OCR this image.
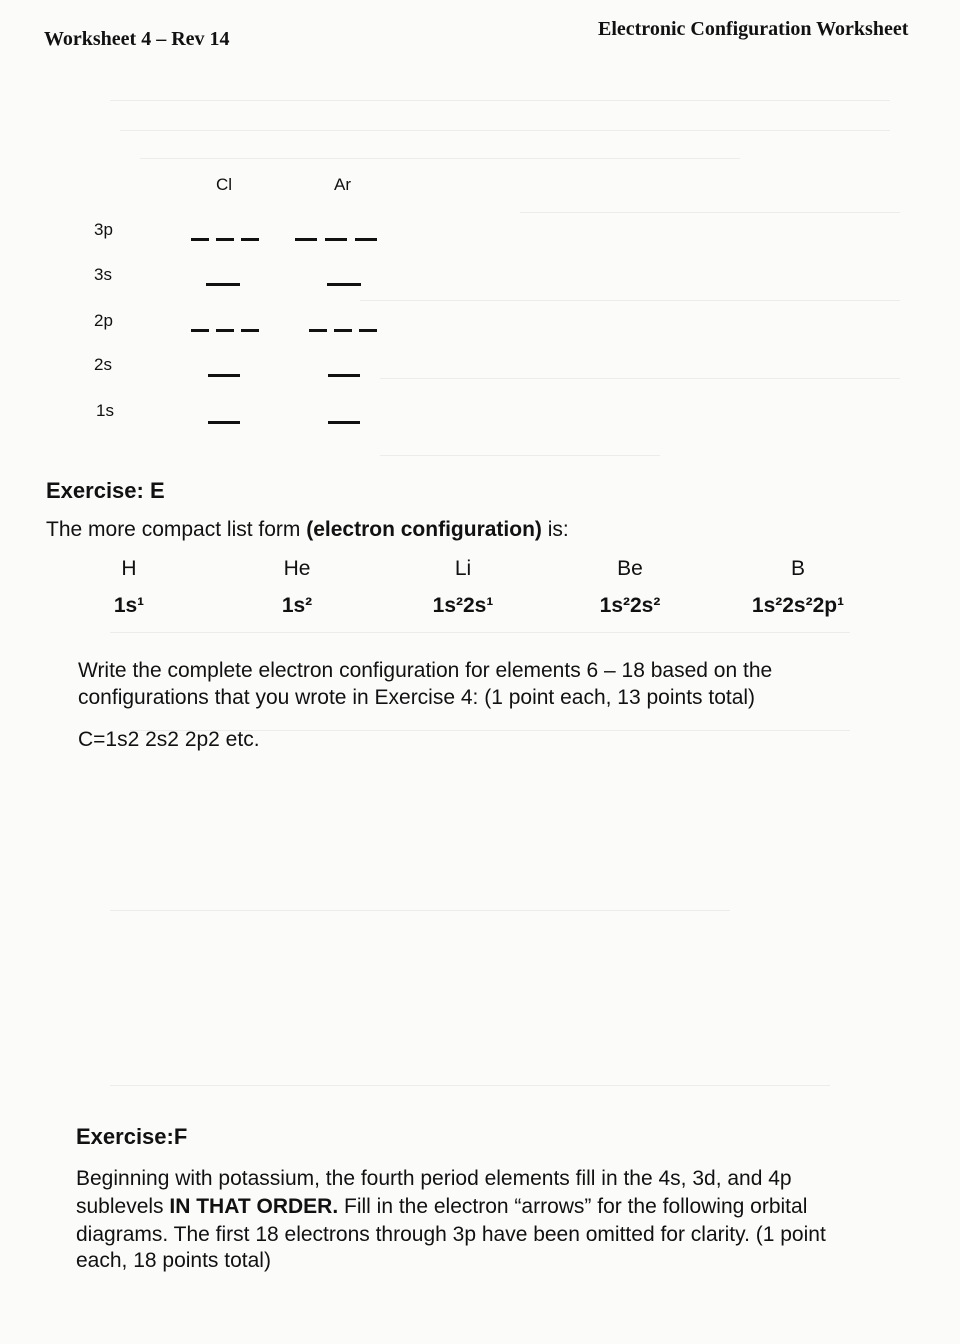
Worksheet 4 – Rev 14	Electronic Configuration Worksheet
Cl	Ar
3p
3s
2p
2s
1s
Exercise: E
The more compact list form (electron configuration) is:
H
1s¹
He
1s²
Li
1s²2s¹
Be
1s²2s²
B
1s²2s²2p¹
Write the complete electron configuration for elements 6 – 18 based on the
configurations that you wrote in Exercise 4: (1 point each, 13 points total)
C=1s2 2s2 2p2 etc.
Exercise:F
Beginning with potassium, the fourth period elements fill in the 4s, 3d, and 4p
sublevels IN THAT ORDER. Fill in the electron “arrows” for the following orbital
diagrams. The first 18 electrons through 3p have been omitted for clarity. (1 point
each, 18 points total)
